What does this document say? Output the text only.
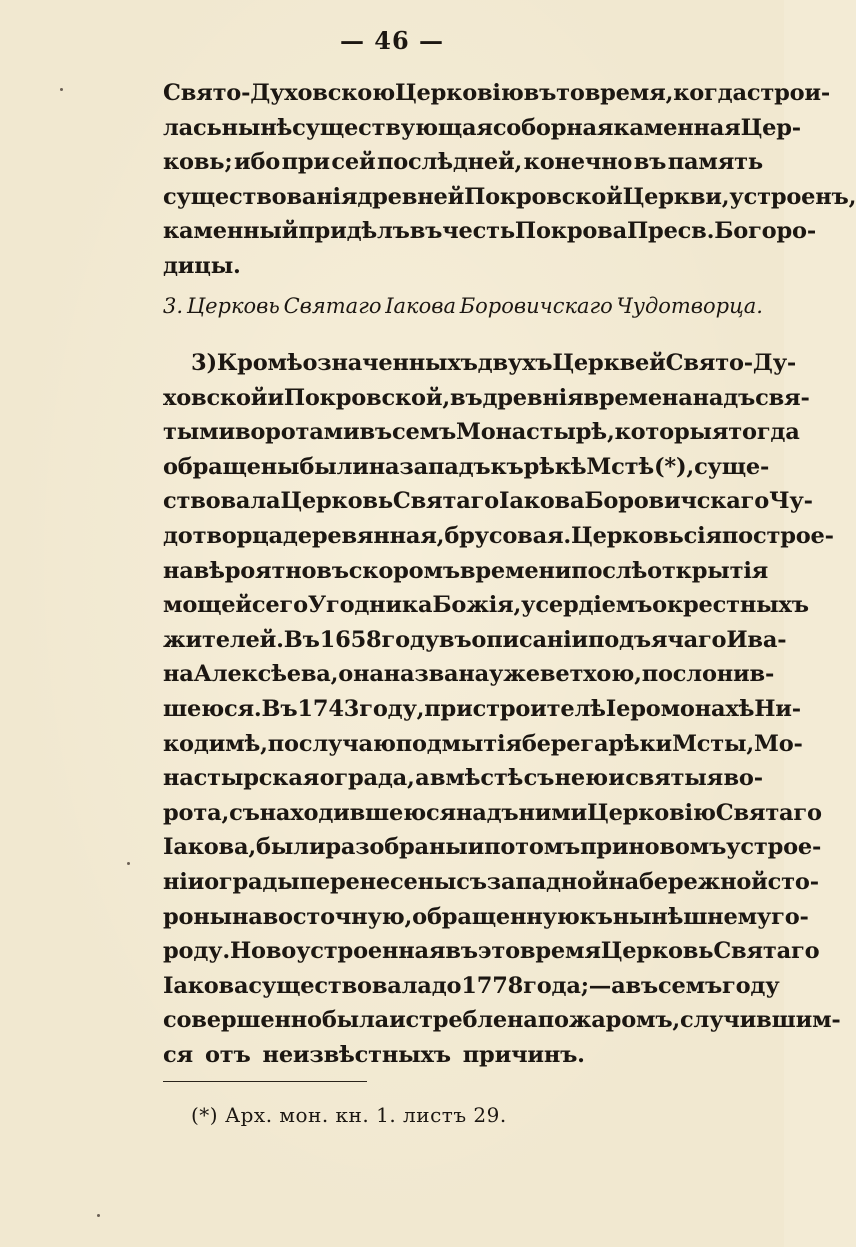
— 46 —
Свято-Духовскою Церковію въ то время, когда строи-
лась нынѣ существующая соборная каменная Цер-
ковь; ибо при сей послѣдней, конечно въ память
существованія древней Покровской Церкви, устроенъ,
каменный придѣлъ въ честь Покрова Пресв. Богоро-
дицы.
3. Церковь Святаго Іакова Боровичскаго Чудотворца.
3) Кромѣ означенныхъ двухъ Церквей Свято-Ду-
ховской и Покровской, въ древнія времена надъ свя-
тыми воротами въ семъ Монастырѣ , которыя тогда
обращены были на западъ къ рѣкѣ Мстѣ (*), суще-
ствовала Церковь Святаго Іакова Боровичскаго Чу-
дотворца деревянная, брусовая. Церковь сія построе-
на вѣроятно въ скоромъ времени послѣ открытія
мощей сего Угодника Божія, усердіемъ окрестныхъ
жителей. Въ 1658 году въ описаніи подъячаго Ива-
на Алексѣева, она названа уже ветхою, послонив-
шеюся. Въ 1743 году, при строителѣ Іеромонахѣ Ни-
кодимѣ, по случаю подмытія берега рѣки Мсты, Мо-
настырская ограда, а вмѣстѣ съ нею и святыя во-
рота, съ находившеюся надъ ними Церковію Святаго
Іакова, были разобраны и потомъ при новомъ устрое-
ніи ограды перенесены съ западной набережной сто-
роны на восточную, обращенную къ нынѣшнему го-
роду. Новоустроенная въ это время Церковь Святаго
Іакова существовала до 1778 года;—а въ семъ году
совершенно была истреблена пожаромъ, случившим-
ся отъ неизвѣстныхъ причинъ.
(*) Арх. мон. кн. 1. листъ 29.
